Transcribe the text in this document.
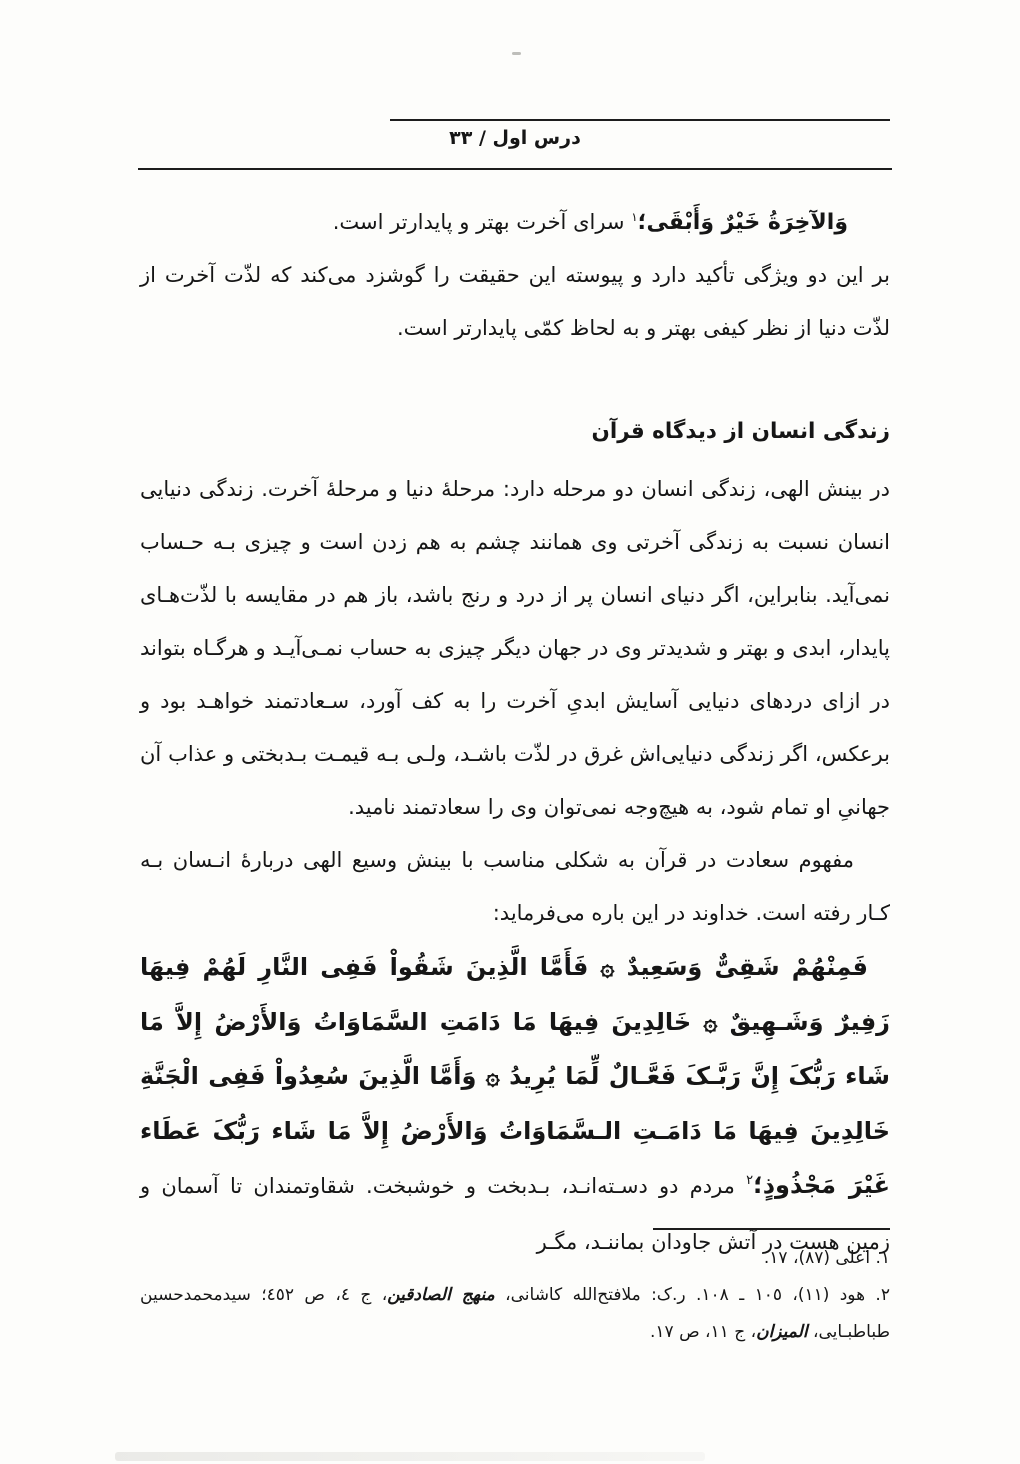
درس اول / ٣٣

وَالآخِرَةُ خَیْرٌ وَأَبْقَی؛$^١$ سرای آخرت بهتر و پایدارتر است.

بر این دو ویژگی تأکید دارد و پیوسته این حقیقت را گوشزد می‌کند که لذّت آخرت از لذّت دنیا از نظر کیفی بهتر و به لحاظ کمّی پایدارتر است.

زندگی انسان از دیدگاه قرآن

در بینش الهی، زندگی انسان دو مرحله دارد: مرحلهٔ دنیا و مرحلهٔ آخرت. زندگی دنیایی انسان نسبت به زندگی آخرتی وی همانند چشم به هم زدن است و چیزی بـه حـساب نمی‌آید. بنابراین، اگر دنیای انسان پر از درد و رنج باشد، باز هم در مقایسه با لذّت‌هـای پایدار، ابدی و بهتر و شدیدتر وی در جهان دیگر چیزی به حساب نمـی‌آیـد و هرگـاه بتواند در ازای دردهای دنیایی آسایش ابدیِ آخرت را به کف آورد، سـعادتمند خواهـد بود و برعکس، اگر زندگی دنیایی‌اش غرق در لذّت باشـد، ولـی بـه قیمـت بـدبختی و عذاب آن جهانیِ او تمام شود، به هیچ‌وجه نمی‌توان وی را سعادتمند نامید.

مفهوم سعادت در قرآن به شکلی مناسب با بینش وسیع الهی دربارهٔ انـسان بـه کـار رفته است. خداوند در این باره می‌فرماید:

فَمِنْهُمْ شَقِیٌّ وَسَعِیدٌ ۞ فَأَمَّا الَّذِینَ شَقُواْ فَفِی النَّارِ لَهُمْ فِیهَا زَفِیرٌ وَشَـهِیقٌ ۞ خَالِدِینَ فِیهَا مَا دَامَتِ السَّمَاوَاتُ وَالأَرْضُ إِلاَّ مَا شَاء رَبُّکَ إِنَّ رَبَّـکَ فَعَّـالٌ لِّمَا یُرِیدُ ۞ وَأَمَّا الَّذِینَ سُعِدُواْ فَفِی الْجَنَّةِ خَالِدِینَ فِیهَا مَا دَامَـتِ الـسَّمَاوَاتُ وَالأَرْضُ إِلاَّ مَا شَاء رَبُّکَ عَطَاء غَیْرَ مَجْذُوذٍ؛$^٢$ مردم دو دسـته‌انـد، بـدبخت و خوشبخت. شقاوتمندان تا آسمان و زمین هست در آتش جاودان بماننـد، مگـر

١. اعلی (٨٧)، ١٧.

٢. هود (١١)، ١٠٥ ـ ١٠٨. ر.ک: ملافتح‌الله کاشانی، منهج الصادقین، ج ٤، ص ٤٥٢؛ سیدمحمدحسین طباطبـایی، المیزان، ج ١١، ص ١٧.
